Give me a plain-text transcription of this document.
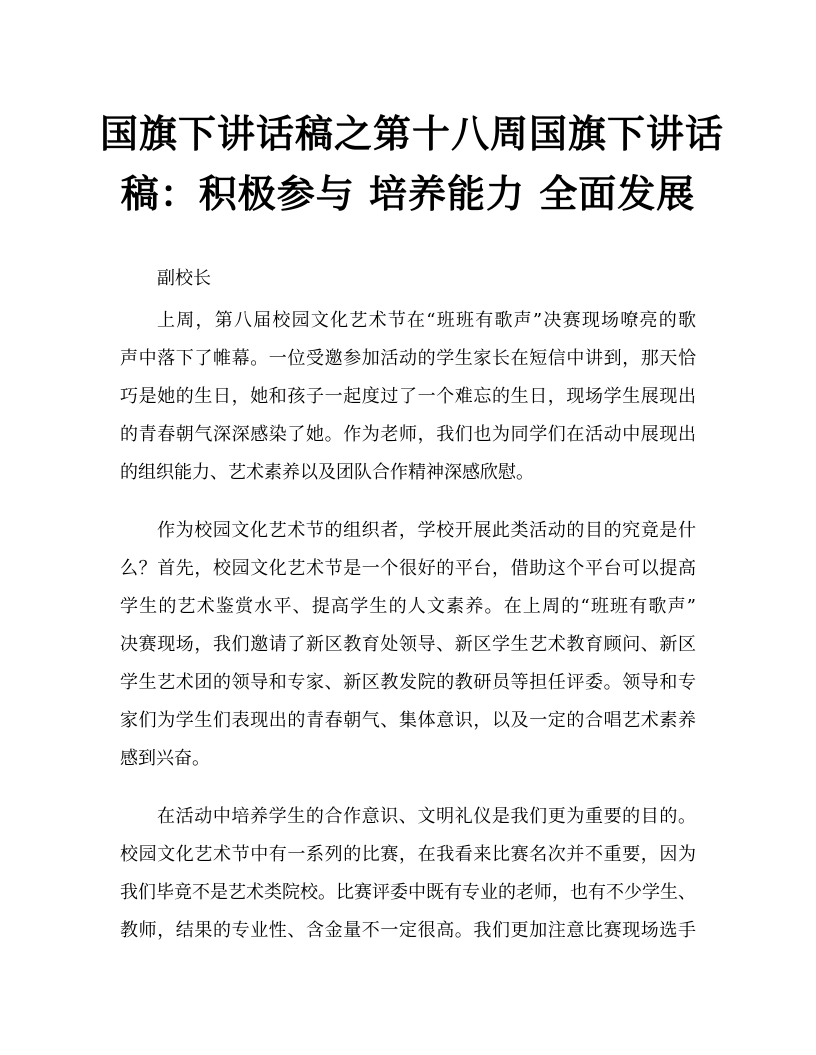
国旗下讲话稿之第十八周国旗下讲话
稿：积极参与 培养能力 全面发展
副校长
上周，第八届校园文化艺术节在“班班有歌声”决赛现场嘹亮的歌
声中落下了帷幕。一位受邀参加活动的学生家长在短信中讲到，那天恰
巧是她的生日，她和孩子一起度过了一个难忘的生日，现场学生展现出
的青春朝气深深感染了她。作为老师，我们也为同学们在活动中展现出
的组织能力、艺术素养以及团队合作精神深感欣慰。
作为校园文化艺术节的组织者，学校开展此类活动的目的究竟是什
么？首先，校园文化艺术节是一个很好的平台，借助这个平台可以提高
学生的艺术鉴赏水平、提高学生的人文素养。在上周的“班班有歌声”
决赛现场，我们邀请了新区教育处领导、新区学生艺术教育顾问、新区
学生艺术团的领导和专家、新区教发院的教研员等担任评委。领导和专
家们为学生们表现出的青春朝气、集体意识，以及一定的合唱艺术素养
感到兴奋。
在活动中培养学生的合作意识、文明礼仪是我们更为重要的目的。
校园文化艺术节中有一系列的比赛，在我看来比赛名次并不重要，因为
我们毕竟不是艺术类院校。比赛评委中既有专业的老师，也有不少学生、
教师，结果的专业性、含金量不一定很高。我们更加注意比赛现场选手
